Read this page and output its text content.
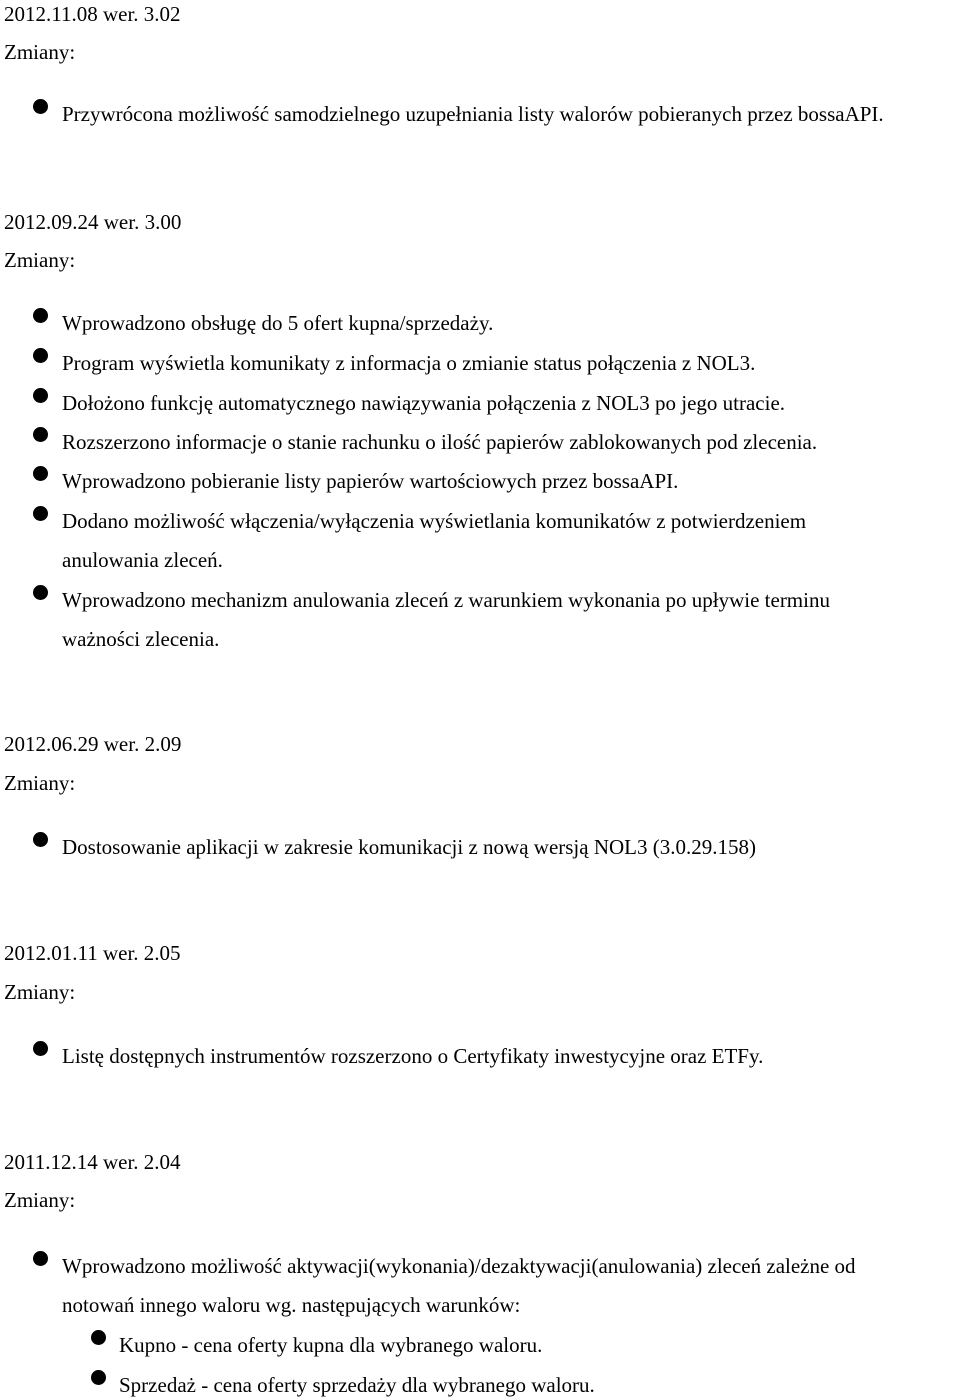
2012.11.08 wer. 3.02
Zmiany:
Przywrócona możliwość samodzielnego uzupełniania listy walorów pobieranych przez bossaAPI.
2012.09.24 wer. 3.00
Zmiany:
Wprowadzono obsługę do 5 ofert kupna/sprzedaży.
Program wyświetla komunikaty z informacja o zmianie status połączenia z NOL3.
Dołożono funkcję automatycznego nawiązywania połączenia z NOL3 po jego utracie.
Rozszerzono informacje o stanie rachunku o ilość papierów zablokowanych pod zlecenia.
Wprowadzono pobieranie listy papierów wartościowych przez bossaAPI.
Dodano możliwość włączenia/wyłączenia wyświetlania komunikatów z potwierdzeniem
anulowania zleceń.
Wprowadzono mechanizm anulowania zleceń z warunkiem wykonania po upływie terminu
ważności zlecenia.
2012.06.29 wer. 2.09
Zmiany:
Dostosowanie aplikacji w zakresie komunikacji z nową wersją NOL3 (3.0.29.158)
2012.01.11 wer. 2.05
Zmiany:
Listę dostępnych instrumentów rozszerzono o Certyfikaty inwestycyjne oraz ETFy.
2011.12.14 wer. 2.04
Zmiany:
Wprowadzono możliwość aktywacji(wykonania)/dezaktywacji(anulowania) zleceń zależne od
notowań innego waloru wg. następujących warunków:
Kupno - cena oferty kupna dla wybranego waloru.
Sprzedaż - cena oferty sprzedaży dla wybranego waloru.
